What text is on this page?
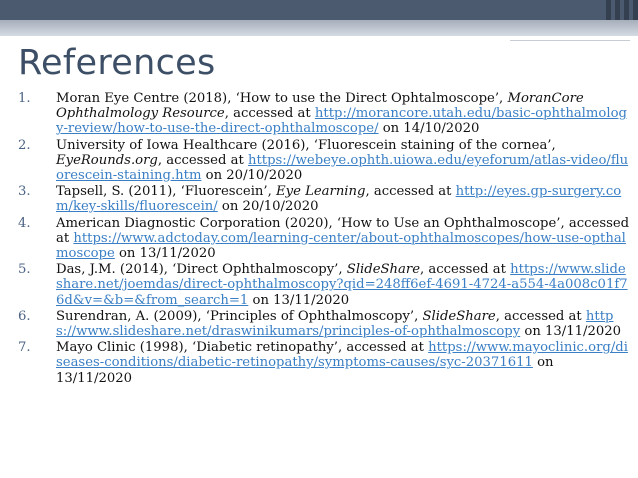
References
1. Moran Eye Centre (2018), ‘How to use the Direct Ophtalmoscope’, MoranCore Ophthalmology Resource, accessed at http://morancore.utah.edu/basic-ophthalmology-review/how-to-use-the-direct-ophthalmoscope/ on 14/10/2020
2. University of Iowa Healthcare (2016), ‘Fluorescein staining of the cornea’, EyeRounds.org, accessed at https://webeye.ophth.uiowa.edu/eyeforum/atlas-video/fluorescein-staining.htm on 20/10/2020
3. Tapsell, S. (2011), ‘Fluorescein’, Eye Learning, accessed at http://eyes.gp-surgery.com/key-skills/fluorescein/ on 20/10/2020
4. American Diagnostic Corporation (2020), ‘How to Use an Ophthalmoscope’, accessed at https://www.adctoday.com/learning-center/about-ophthalmoscopes/how-use-opthalmoscope on 13/11/2020
5. Das, J.M. (2014), ‘Direct Ophthalmoscopy’, SlideShare, accessed at https://www.slideshare.net/joemdas/direct-ophthalmoscopy?qid=248ff6ef-4691-4724-a554-4a008c01f76d&v=&b=&from_search=1 on 13/11/2020
6. Surendran, A. (2009), ‘Principles of Ophthalmoscopy’, SlideShare, accessed at https://www.slideshare.net/draswinikumars/principles-of-ophthalmoscopy on 13/11/2020
7. Mayo Clinic (1998), ‘Diabetic retinopathy’, accessed at https://www.mayoclinic.org/diseases-conditions/diabetic-retinopathy/symptoms-causes/syc-20371611 on 13/11/2020
